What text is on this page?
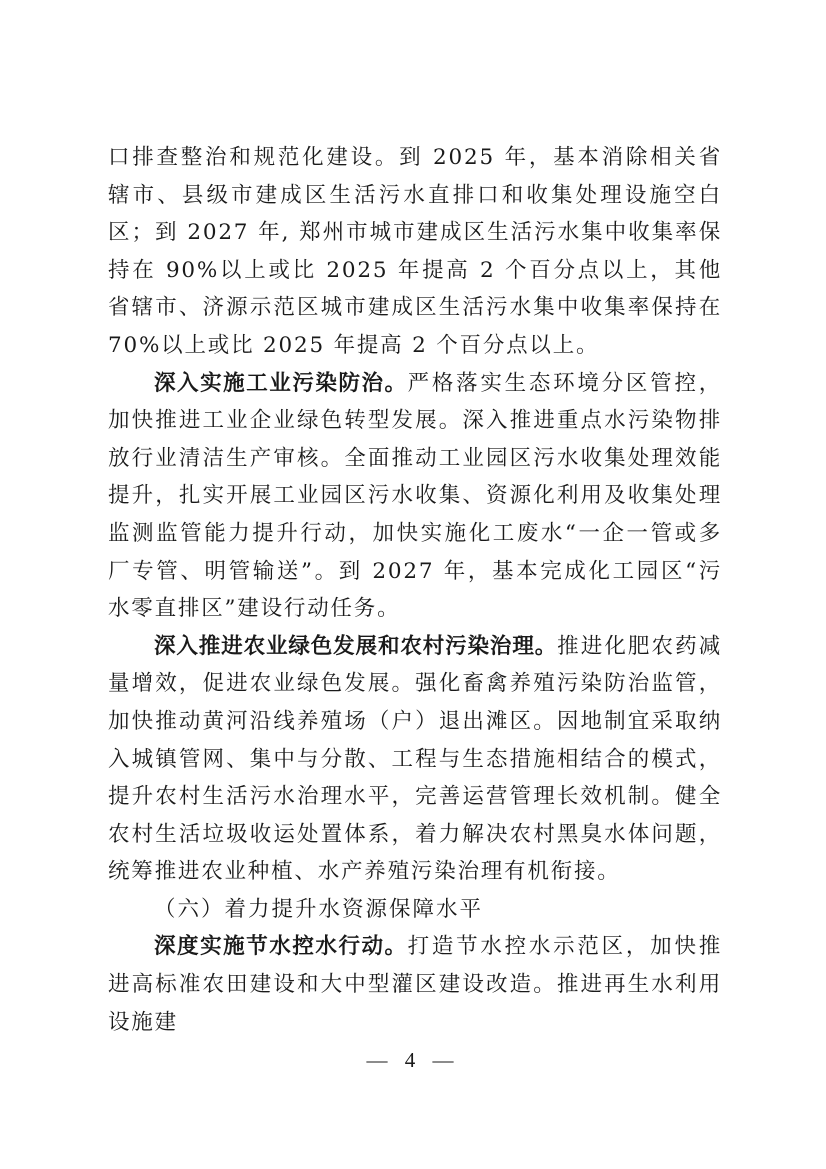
口排查整治和规范化建设。到 2025 年，基本消除相关省辖市、县级市建成区生活污水直排口和收集处理设施空白区；到 2027 年, 郑州市城市建成区生活污水集中收集率保持在 90%以上或比 2025 年提高 2 个百分点以上，其他省辖市、济源示范区城市建成区生活污水集中收集率保持在 70%以上或比 2025 年提高 2 个百分点以上。

深入实施工业污染防治。严格落实生态环境分区管控，加快推进工业企业绿色转型发展。深入推进重点水污染物排放行业清洁生产审核。全面推动工业园区污水收集处理效能提升，扎实开展工业园区污水收集、资源化利用及收集处理监测监管能力提升行动，加快实施化工废水“一企一管或多厂专管、明管输送”。到 2027 年，基本完成化工园区“污水零直排区”建设行动任务。

深入推进农业绿色发展和农村污染治理。推进化肥农药减量增效，促进农业绿色发展。强化畜禽养殖污染防治监管，加快推动黄河沿线养殖场（户）退出滩区。因地制宜采取纳入城镇管网、集中与分散、工程与生态措施相结合的模式，提升农村生活污水治理水平，完善运营管理长效机制。健全农村生活垃圾收运处置体系，着力解决农村黑臭水体问题，统筹推进农业种植、水产养殖污染治理有机衔接。

（六）着力提升水资源保障水平

深度实施节水控水行动。打造节水控水示范区，加快推进高标准农田建设和大中型灌区建设改造。推进再生水利用设施建

— 4 —
